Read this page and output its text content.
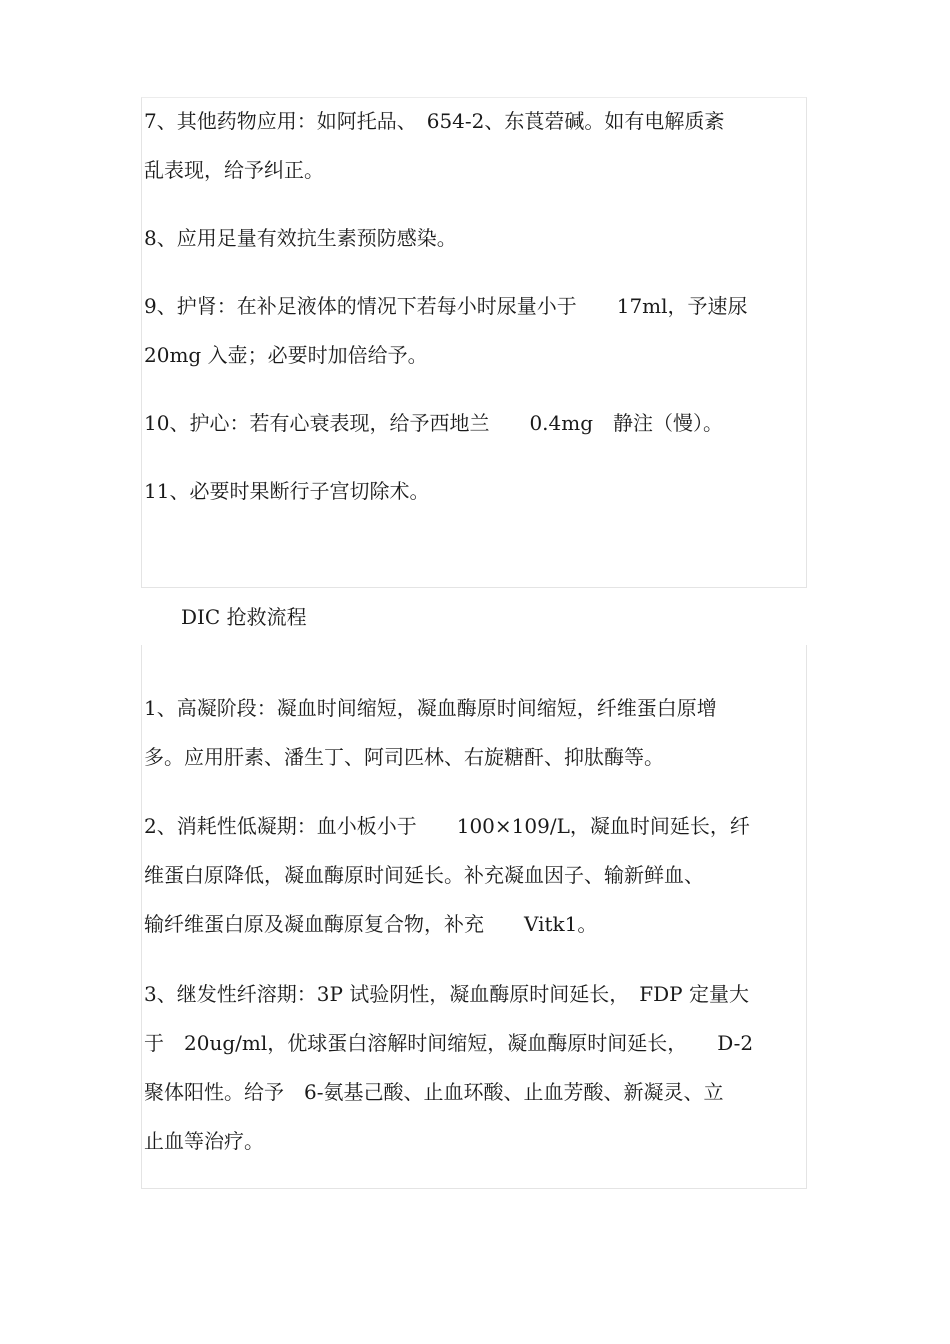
7、其他药物应用：如阿托品、　654-2、东莨菪碱。如有电解质紊
乱表现，给予纠正。

8、应用足量有效抗生素预防感染。

9、护肾：在补足液体的情况下若每小时尿量小于　　17ml，予速尿
20mg 入壶；必要时加倍给予。

10、护心：若有心衰表现，给予西地兰　　0.4mg　静注（慢）。

11、必要时果断行子宫切除术。

DIC 抢救流程

1、高凝阶段：凝血时间缩短，凝血酶原时间缩短，纤维蛋白原增
多。应用肝素、潘生丁、阿司匹林、右旋糖酐、抑肽酶等。

2、消耗性低凝期：血小板小于　　100×109/L，凝血时间延长，纤
维蛋白原降低，凝血酶原时间延长。补充凝血因子、输新鲜血、
输纤维蛋白原及凝血酶原复合物，补充　　Vitk1。

3、继发性纤溶期：3P 试验阴性，凝血酶原时间延长，　FDP 定量大
于　20ug/ml，优球蛋白溶解时间缩短，凝血酶原时间延长，　　D-2
聚体阳性。给予　6-氨基己酸、止血环酸、止血芳酸、新凝灵、立
止血等治疗。
